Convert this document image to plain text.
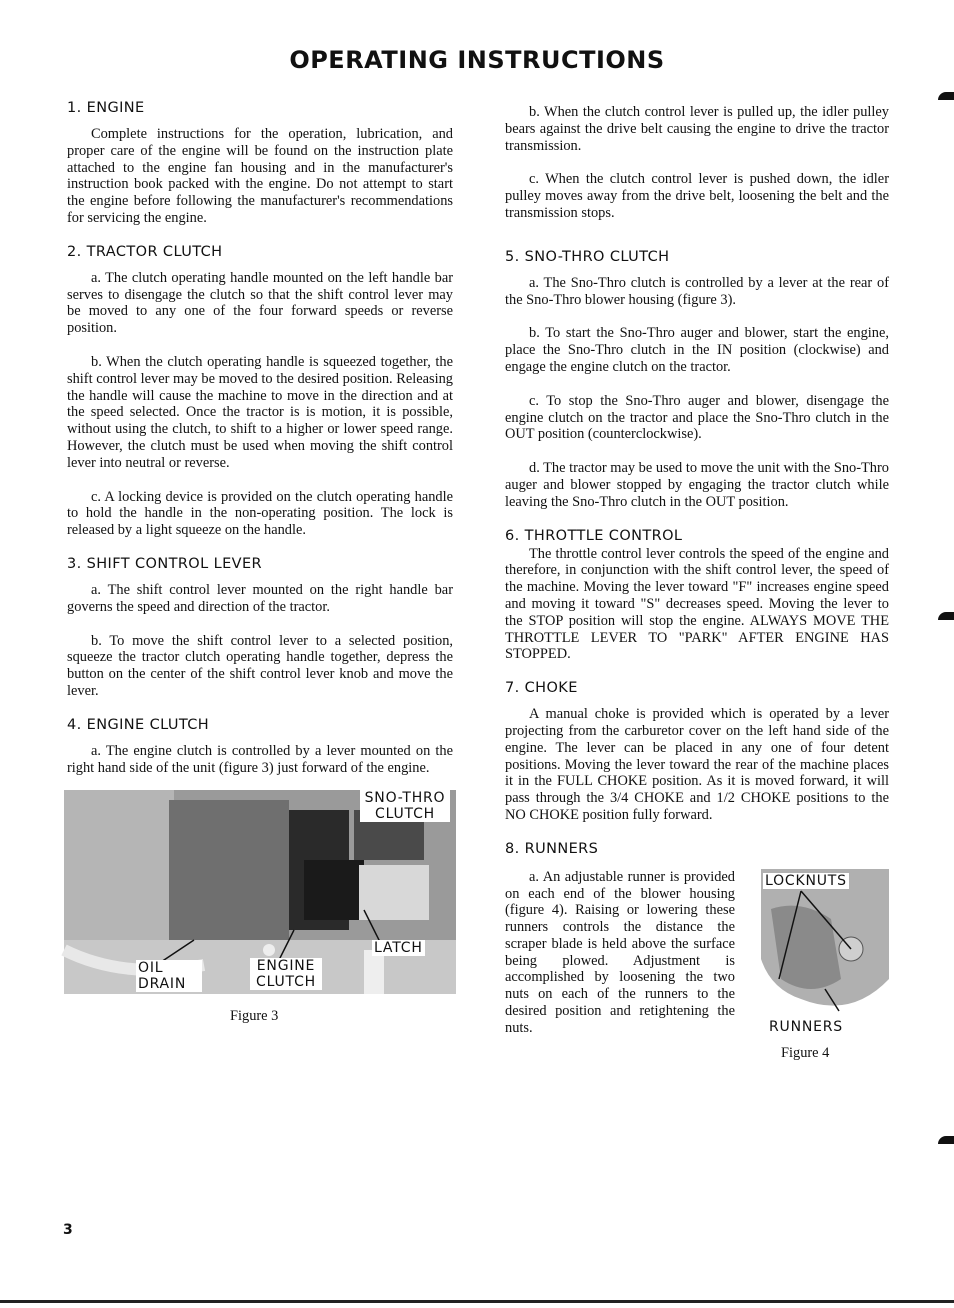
OPERATING INSTRUCTIONS
1. ENGINE

Complete instructions for the operation, lubrication, and proper care of the engine will be found on the instruction plate attached to the engine fan housing and in the manufacturer's instruction book packed with the engine. Do not attempt to start the engine before following the manufacturer's recommendations for servicing the engine.

2. TRACTOR CLUTCH

a. The clutch operating handle mounted on the left handle bar serves to disengage the clutch so that the shift control lever may be moved to any one of the four forward speeds or reverse position.

b. When the clutch operating handle is squeezed together, the shift control lever may be moved to the desired position. Releasing the handle will cause the machine to move in the direction and at the speed selected. Once the tractor is is motion, it is possible, without using the clutch, to shift to a higher or lower speed range. However, the clutch must be used when moving the shift control lever into neutral or reverse.

c. A locking device is provided on the clutch operating handle to hold the handle in the non-operating position. The lock is released by a light squeeze on the handle.

3. SHIFT CONTROL LEVER

a. The shift control lever mounted on the right handle bar governs the speed and direction of the tractor.

b. To move the shift control lever to a selected position, squeeze the tractor clutch operating handle together, depress the button on the center of the shift control lever knob and move the lever.

4. ENGINE CLUTCH

a. The engine clutch is controlled by a lever mounted on the right hand side of the unit (figure 3) just forward of the engine.

SNO-THRO CLUTCH
LATCH
OIL DRAIN
ENGINE CLUTCH
Figure 3

b. When the clutch control lever is pulled up, the idler pulley bears against the drive belt causing the engine to drive the tractor transmission.

c. When the clutch control lever is pushed down, the idler pulley moves away from the drive belt, loosening the belt and the transmission stops.

5. SNO-THRO CLUTCH

a. The Sno-Thro clutch is controlled by a lever at the rear of the Sno-Thro blower housing (figure 3).

b. To start the Sno-Thro auger and blower, start the engine, place the Sno-Thro clutch in the IN position (clockwise) and engage the engine clutch on the tractor.

c. To stop the Sno-Thro auger and blower, disengage the engine clutch on the tractor and place the Sno-Thro clutch in the OUT position (counterclockwise).

d. The tractor may be used to move the unit with the Sno-Thro auger and blower stopped by engaging the tractor clutch while leaving the Sno-Thro clutch in the OUT position.

6. THROTTLE CONTROL

The throttle control lever controls the speed of the engine and therefore, in conjunction with the shift control lever, the speed of the machine. Moving the lever toward "F" increases engine speed and moving it toward "S" decreases speed. Moving the lever to the STOP position will stop the engine. ALWAYS MOVE THE THROTTLE LEVER TO "PARK" AFTER ENGINE HAS STOPPED.

7. CHOKE

A manual choke is provided which is operated by a lever projecting from the carburetor cover on the left hand side of the engine. The lever can be placed in any one of four detent positions. Moving the lever toward the rear of the machine places it in the FULL CHOKE position. As it is moved forward, it will pass through the 3/4 CHOKE and 1/2 CHOKE positions to the NO CHOKE position fully forward.

8. RUNNERS

a. An adjustable runner is provided on each end of the blower housing (figure 4). Raising or lowering these runners controls the distance the scraper blade is held above the surface being plowed. Adjustment is accomplished by loosening the two nuts on each of the runners to the desired position and retightening the nuts.

LOCKNUTS
RUNNERS
Figure 4
3
